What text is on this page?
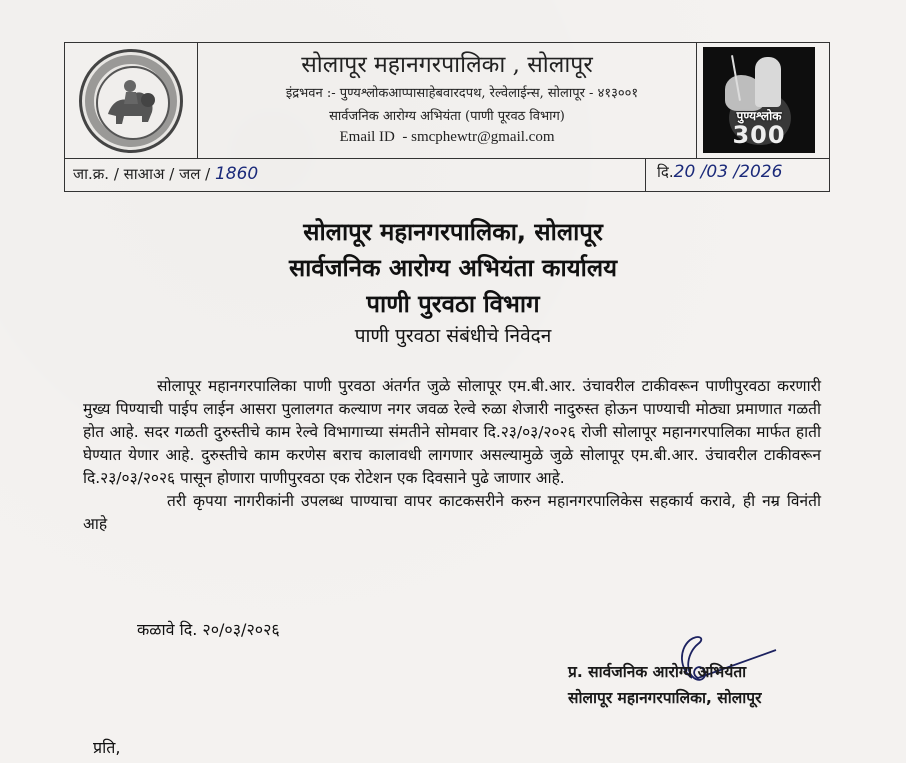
सोलापूर महानगरपालिका , सोलापूर
इंद्रभवन :- पुण्यश्लोकआप्पासाहेबवारदपथ, रेल्वेलाईन्स, सोलापूर - ४१३००१
सार्वजनिक आरोग्य अभियंता (पाणी पूरवठ विभाग)
Email ID  - smcphewtr@gmail.com
पुण्यश्लोक
300
जा.क्र. / साआअ / जल / 1860	दि.20 /03 /2026
सोलापूर महानगरपालिका, सोलापूर
सार्वजनिक आरोग्य अभियंता कार्यालय
पाणी पुरवठा विभाग
पाणी पुरवठा संबंधीचे निवेदन

सोलापूर महानगरपालिका पाणी पुरवठा अंतर्गत जुळे सोलापूर एम.बी.आर. उंचावरील टाकीवरून पाणीपुरवठा करणारी मुख्य पिण्याची पाईप लाईन आसरा पुलालगत कल्याण नगर जवळ रेल्वे रुळा शेजारी नादुरुस्त होऊन पाण्याची मोठ्या प्रमाणात गळती होत आहे. सदर गळती दुरुस्तीचे काम रेल्वे विभागाच्या संमतीने सोमवार दि.२३/०३/२०२६ रोजी सोलापूर महानगरपालिका मार्फत हाती घेण्यात येणार आहे. दुरुस्तीचे काम करणेस बराच कालावधी लागणार असल्यामुळे जुळे सोलापूर एम.बी.आर. उंचावरील टाकीवरून दि.२३/०३/२०२६ पासून होणारा पाणीपुरवठा एक रोटेशन एक दिवसाने पुढे जाणार आहे.

तरी कृपया नागरीकांनी उपलब्ध पाण्याचा वापर काटकसरीने करुन महानगरपालिकेस सहकार्य करावे, ही नम्र विनंती आहे

कळावे दि. २०/०३/२०२६
प्र. सार्वजनिक आरोग्य अभियंता
सोलापूर महानगरपालिका, सोलापूर
प्रति,
